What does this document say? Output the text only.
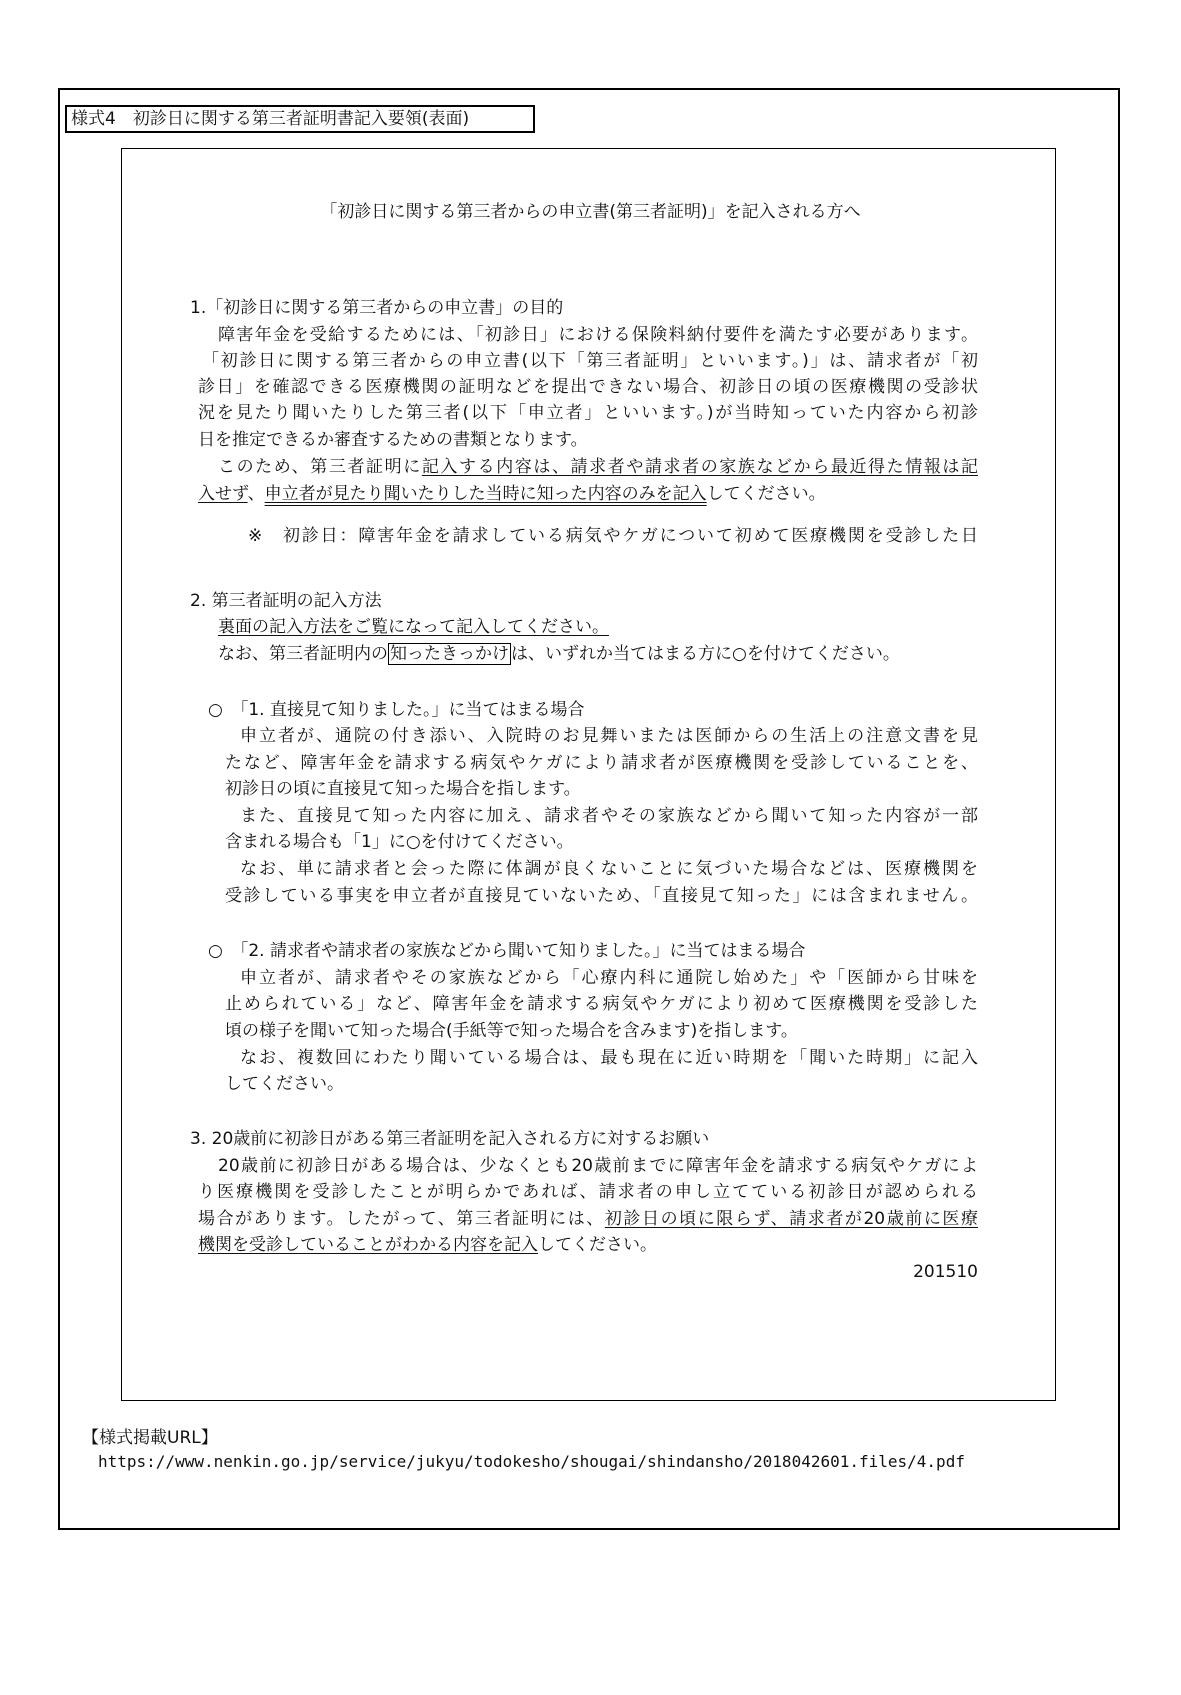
様式4　初診日に関する第三者証明書記入要領(表面)
「初診日に関する第三者からの申立書(第三者証明)」を記入される方へ
1.「初診日に関する第三者からの申立書」の目的
障害年金を受給するためには、「初診日」における保険料納付要件を満たす必要があります。
「初診日に関する第三者からの申立書(以下「第三者証明」といいます。)」は、請求者が「初
診日」を確認できる医療機関の証明などを提出できない場合、初診日の頃の医療機関の受診状
況を見たり聞いたりした第三者(以下「申立者」といいます。)が当時知っていた内容から初診
日を推定できるか審査するための書類となります。
このため、第三者証明に記入する内容は、請求者や請求者の家族などから最近得た情報は記
入せず、申立者が見たり聞いたりした当時に知った内容のみを記入してください。
※　初診日：障害年金を請求している病気やケガについて初めて医療機関を受診した日
2. 第三者証明の記入方法
裏面の記入方法をご覧になって記入してください。
なお、第三者証明内の 知ったきっかけ は、いずれか当てはまる方に○を付けてください。
○　「1. 直接見て知りました。」に当てはまる場合
申立者が、通院の付き添い、入院時のお見舞いまたは医師からの生活上の注意文書を見
たなど、障害年金を請求する病気やケガにより請求者が医療機関を受診していることを、
初診日の頃に直接見て知った場合を指します。
また、直接見て知った内容に加え、請求者やその家族などから聞いて知った内容が一部
含まれる場合も「1」に○を付けてください。
なお、単に請求者と会った際に体調が良くないことに気づいた場合などは、医療機関を
受診している事実を申立者が直接見ていないため、「直接見て知った」には含まれません。
○　「2. 請求者や請求者の家族などから聞いて知りました。」に当てはまる場合
申立者が、請求者やその家族などから「心療内科に通院し始めた」や「医師から甘味を
止められている」など、障害年金を請求する病気やケガにより初めて医療機関を受診した
頃の様子を聞いて知った場合(手紙等で知った場合を含みます)を指します。
なお、複数回にわたり聞いている場合は、最も現在に近い時期を「聞いた時期」に記入
してください。
3. 20歳前に初診日がある第三者証明を記入される方に対するお願い
20歳前に初診日がある場合は、少なくとも20歳前までに障害年金を請求する病気やケガによ
り医療機関を受診したことが明らかであれば、請求者の申し立てている初診日が認められる
場合があります。したがって、第三者証明には、初診日の頃に限らず、請求者が20歳前に医療
機関を受診していることがわかる内容を記入してください。
201510
【様式掲載URL】
https://www.nenkin.go.jp/service/jukyu/todokesho/shougai/shindansho/2018042601.files/4.pdf
